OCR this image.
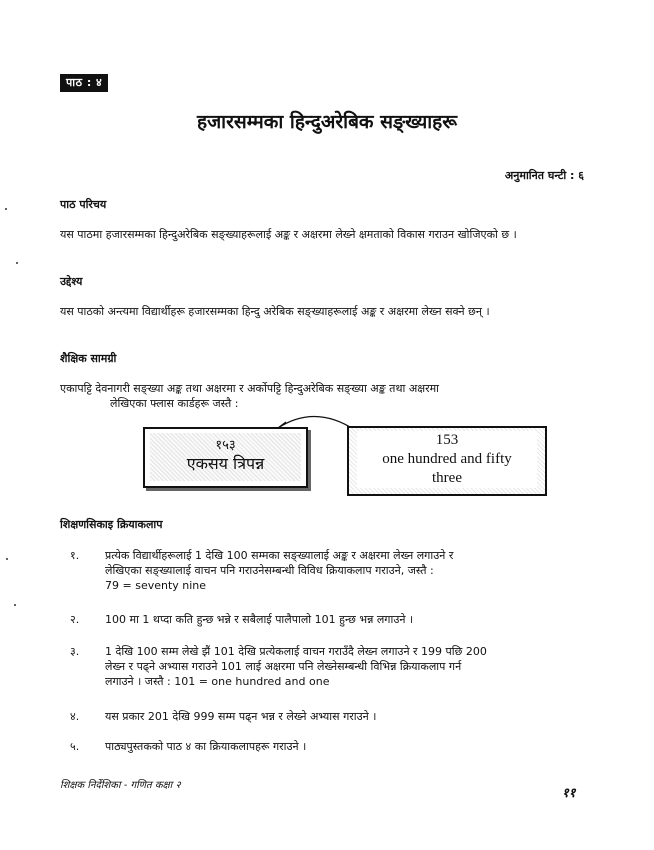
पाठ : ४
हजारसम्मका हिन्दुअरेबिक सङ्ख्याहरू
अनुमानित घन्टी : ६
पाठ परिचय
यस पाठमा हजारसम्मका हिन्दुअरेबिक सङ्ख्याहरूलाई अङ्क र अक्षरमा लेख्ने क्षमताको विकास गराउन खोजिएको छ ।
उद्देश्य
यस पाठको अन्त्यमा विद्यार्थीहरू हजारसम्मका हिन्दु अरेबिक सङ्ख्याहरूलाई अङ्क र अक्षरमा लेख्न सक्ने छन् ।
शैक्षिक सामग्री
एकापट्टि देवनागरी सङ्ख्या अङ्क तथा अक्षरमा र अर्कोपट्टि हिन्दुअरेबिक सङ्ख्या अङ्क तथा अक्षरमा
लेखिएका फ्लास कार्डहरू जस्तै :
१५३
एकसय त्रिपन्न
153
one hundred and fifty
three
शिक्षणसिकाइ क्रियाकलाप
१. प्रत्येक विद्यार्थीहरूलाई 1 देखि 100 सम्मका सङ्ख्यालाई अङ्क र अक्षरमा लेख्न लगाउने र
लेखिएका सङ्ख्यालाई वाचन पनि गराउनेसम्बन्धी विविध क्रियाकलाप गराउने, जस्तै :
79 = seventy nine
२. 100 मा 1 थप्दा कति हुन्छ भन्ने र सबैलाई पालैपालो 101 हुन्छ भन्न लगाउने ।
३. 1 देखि 100 सम्म लेखे झैं 101 देखि प्रत्येकलाई वाचन गराउँदै लेख्न लगाउने र 199 पछि 200
लेख्न र पढ्ने अभ्यास गराउने 101 लाई अक्षरमा पनि लेख्नेसम्बन्धी विभिन्न क्रियाकलाप गर्न
लगाउने । जस्तै : 101 = one hundred and one
४. यस प्रकार 201 देखि 999 सम्म पढ्न भन्न र लेख्ने अभ्यास गराउने ।
५. पाठ्यपुस्तकको पाठ ४ का क्रियाकलापहरू गराउने ।
शिक्षक निर्देशिका - गणित कक्षा २
११
